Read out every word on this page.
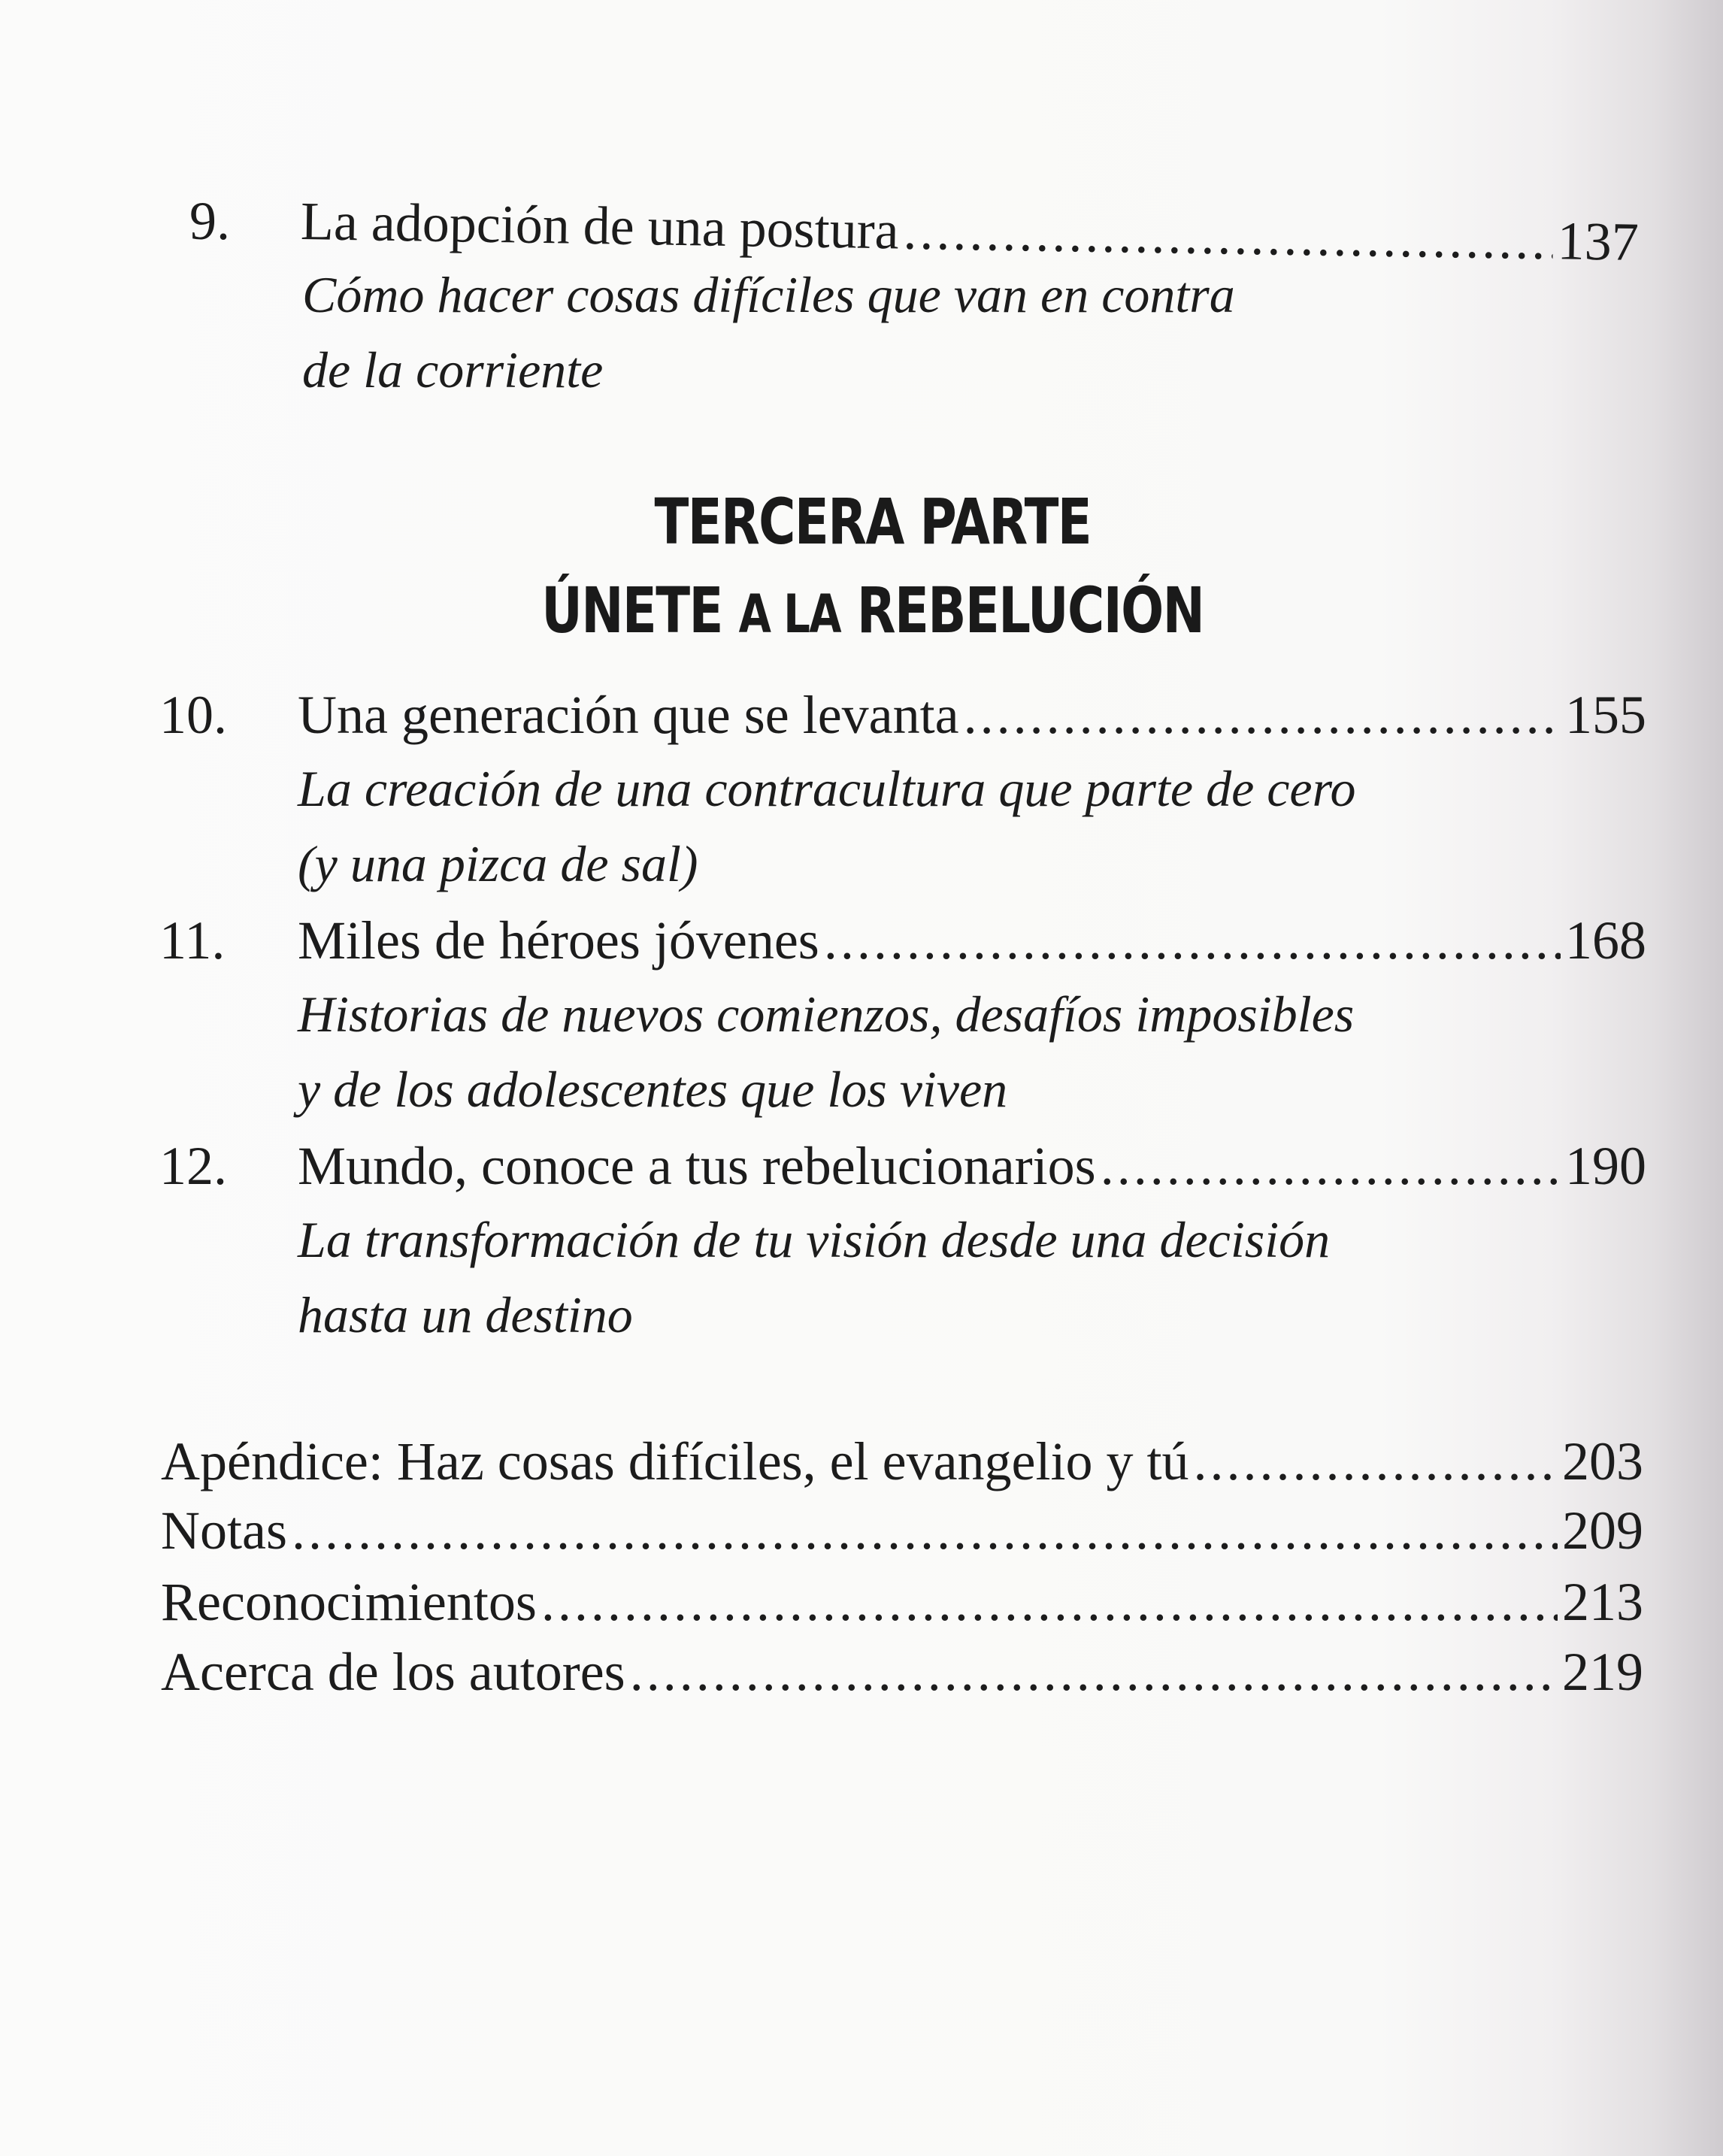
9. La adopción de una postura .....	137
Cómo hacer cosas difíciles que van en contra
de la corriente
TERCERA PARTE
ÚNETE A LA REBELUCIÓN
10. Una generación que se levanta .....	155
La creación de una contracultura que parte de cero
(y una pizca de sal)
11. Miles de héroes jóvenes .....	168
Historias de nuevos comienzos, desafíos imposibles
y de los adolescentes que los viven
12. Mundo, conoce a tus rebelucionarios .....	190
La transformación de tu visión desde una decisión
hasta un destino
Apéndice: Haz cosas difíciles, el evangelio y tú .....	203
Notas .....	209
Reconocimientos .....	213
Acerca de los autores .....	219
